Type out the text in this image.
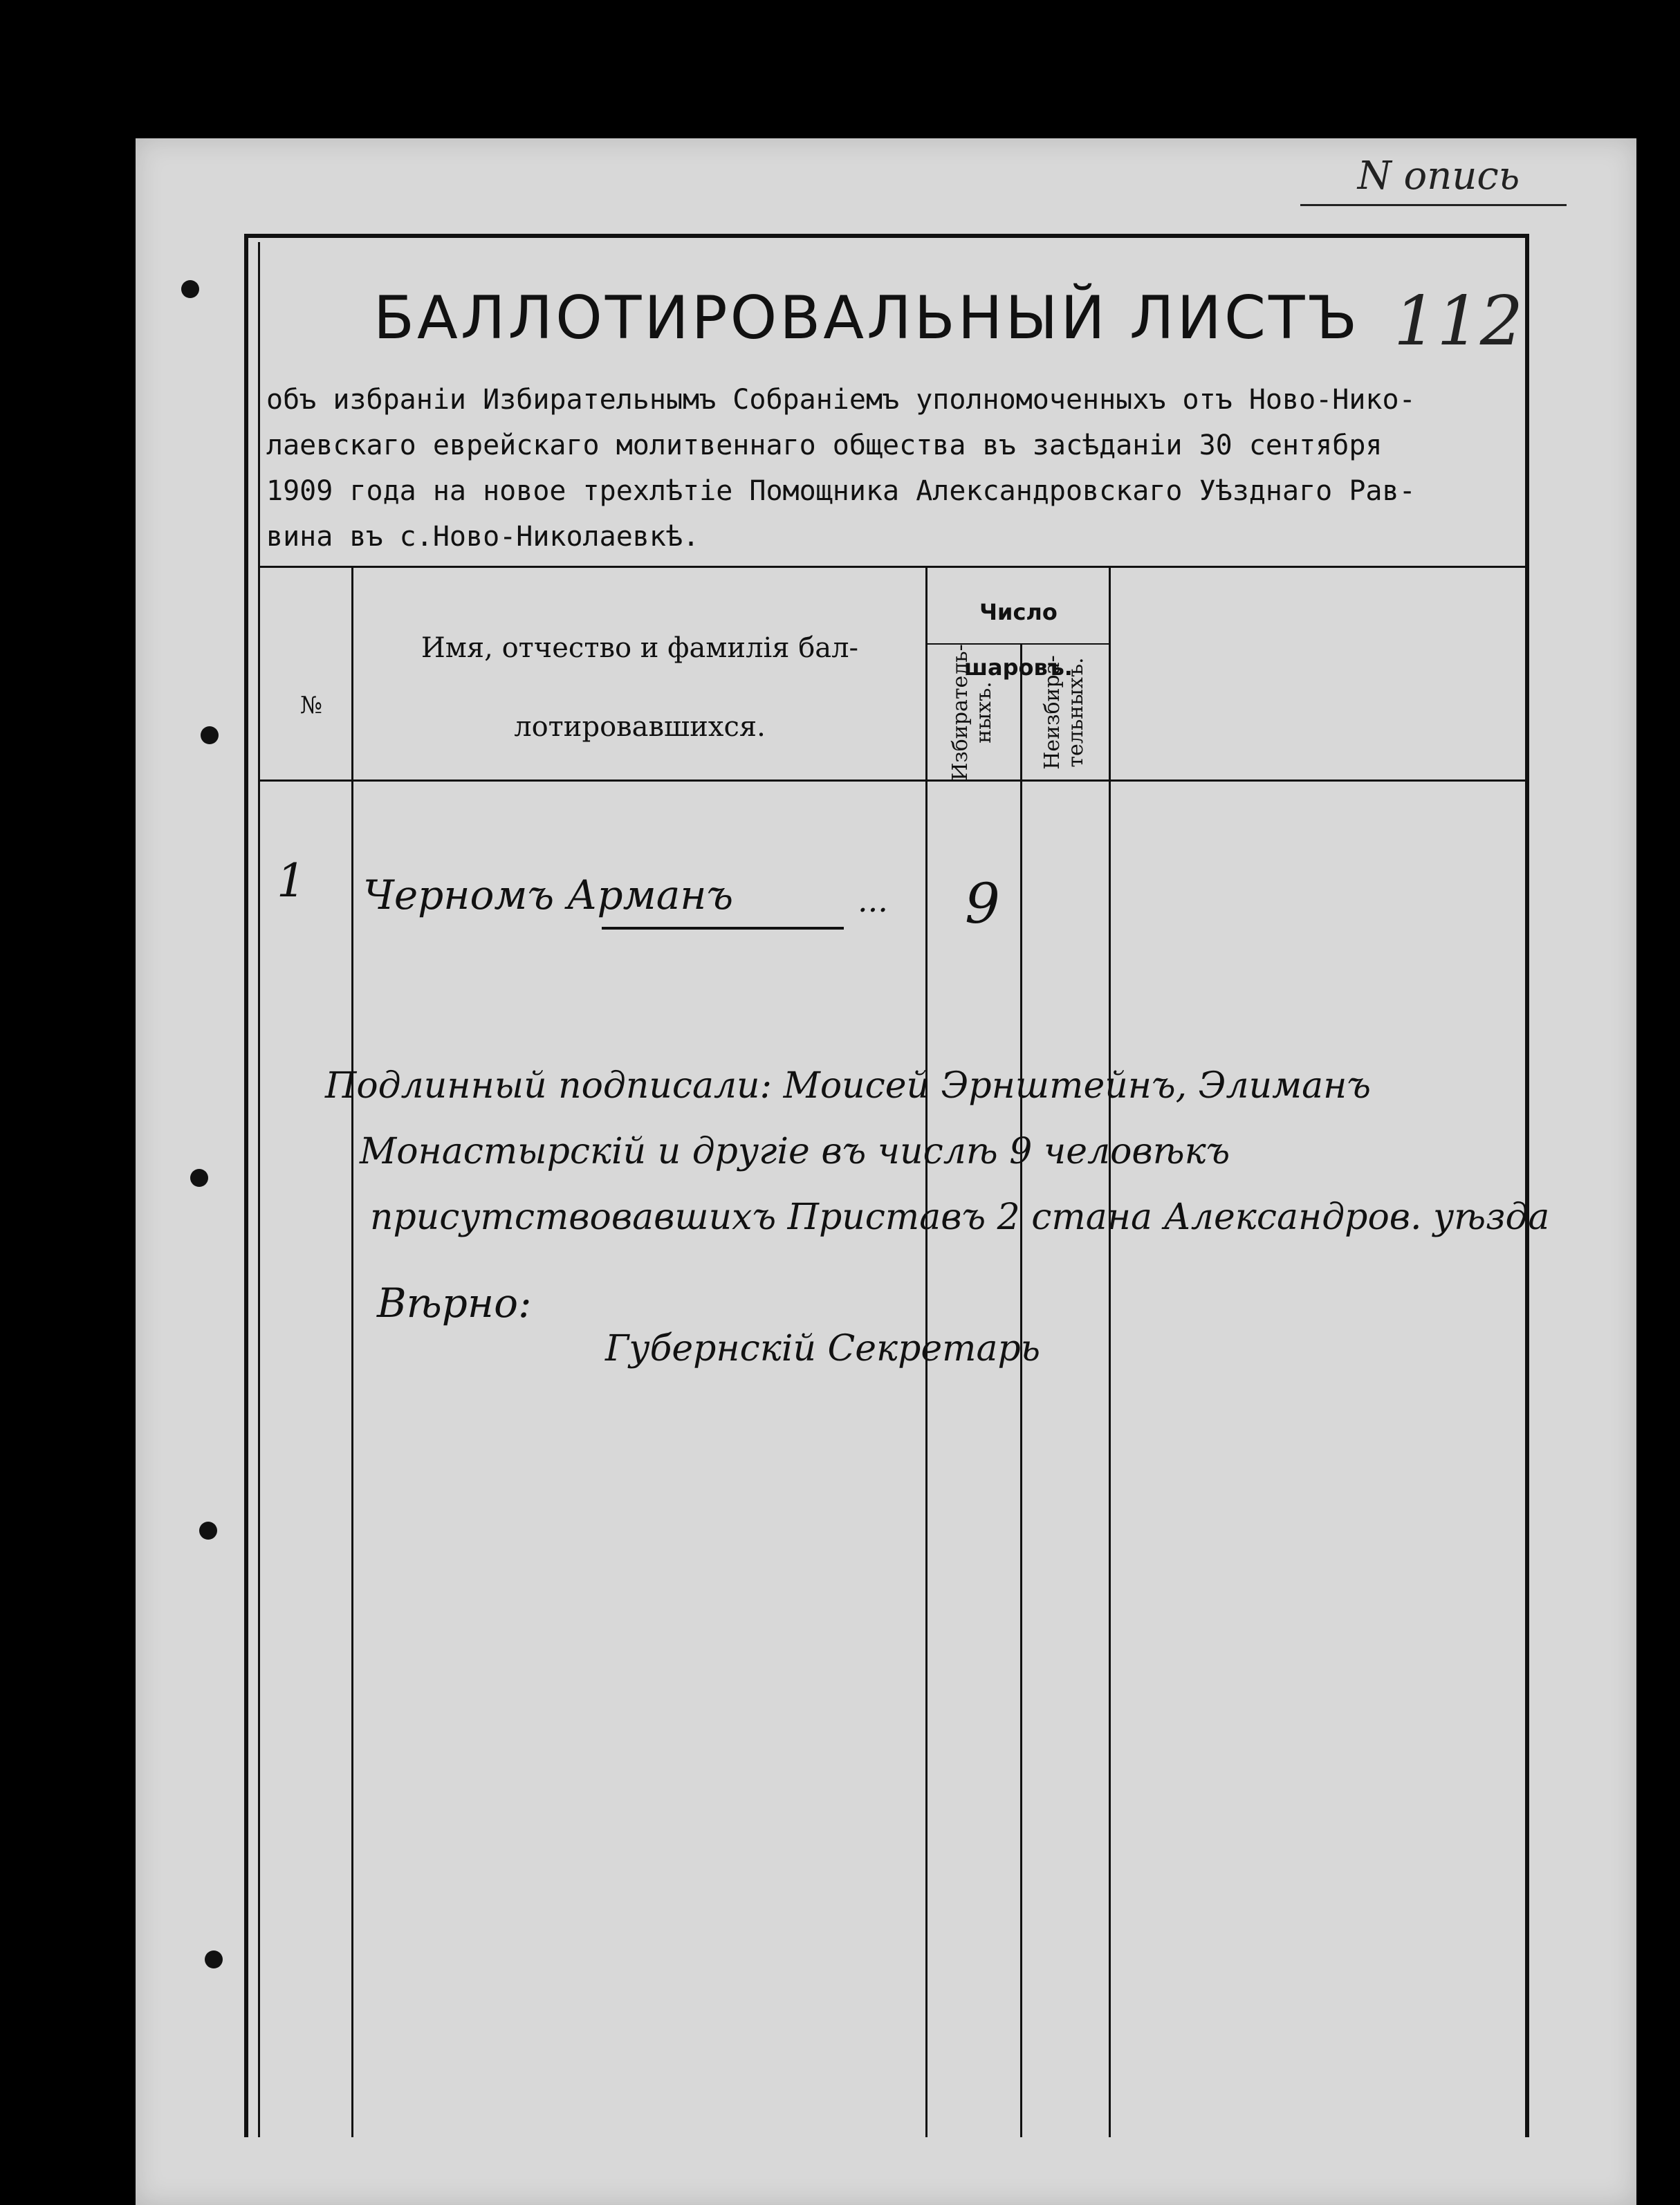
N опись
БАЛЛОТИРОВАЛЬНЫЙ ЛИСТЪ 112
объ избраніи Избирательнымъ Собраніемъ уполномоченныхъ отъ Ново-Нико-
лаевскаго еврейскаго молитвеннаго общества въ засѣданіи 30 сентября
1909 года на новое трехлѣтіе Помощника Александровскаго Уѣзднаго Рав-
вина въ с.Ново-Николаевкѣ.
№
Имя, отчество и фамилія бал-
лотировавшихся.
Число шаровъ.
Избиратель-
ныхъ. Неизбира-
тельныхъ.
1 Черномъ Арманъ	... 9
Подлинный подписали: Моисей Эрнштейнъ, Элиманъ
Монастырскій и другіе въ числѣ 9 человѣкъ
присутствовавшихъ Приставъ 2 стана Александров. уѣзда
Вѣрно:
Губернскій Секретарь
